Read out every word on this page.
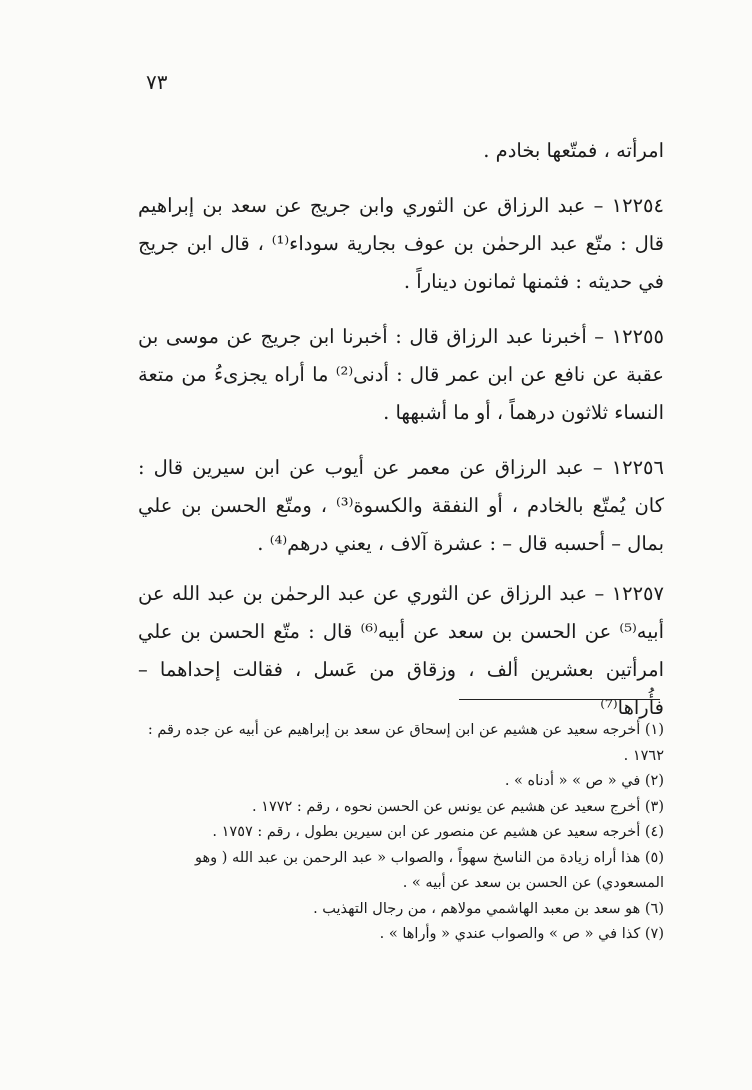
٧٣

امرأته ، فمتّعها بخادم .

١٢٢٥٤ – عبد الرزاق عن الثوري وابن جريج عن سعد بن إبراهيم قال : متّع عبد الرحمٰن بن عوف بجارية سوداء⁽¹⁾ ، قال ابن جريج في حديثه : فثمنها ثمانون ديناراً .

١٢٢٥٥ – أخبرنا عبد الرزاق قال : أخبرنا ابن جريج عن موسى بن عقبة عن نافع عن ابن عمر قال : أدنى⁽²⁾ ما أراه يجزىءُ من متعة النساء ثلاثون درهماً ، أو ما أشبهها .

١٢٢٥٦ – عبد الرزاق عن معمر عن أيوب عن ابن سيرين قال : كان يُمتّع بالخادم ، أو النفقة والكسوة⁽³⁾ ، ومتّع الحسن بن علي بمال – أحسبه قال – : عشرة آلاف ، يعني درهم⁽⁴⁾ .

١٢٢٥٧ – عبد الرزاق عن الثوري عن عبد الرحمٰن بن عبد الله عن أبيه⁽⁵⁾ عن الحسن بن سعد عن أبيه⁽⁶⁾ قال : متّع الحسن بن علي امرأتين بعشرين ألف ، وزقاق من عَسل ، فقالت إحداهما – فأُراها⁽⁷⁾

(١) أخرجه سعيد عن هشيم عن ابن إسحاق عن سعد بن إبراهيم عن أبيه عن جده رقم : ١٧٦٢ .

(٢) في « ص » « أدناه » .

(٣) أخرج سعيد عن هشيم عن يونس عن الحسن نحوه ، رقم : ١٧٧٢ .

(٤) أخرجه سعيد عن هشيم عن منصور عن ابن سيرين بطول ، رقم : ١٧٥٧ .

(٥) هذا أراه زيادة من الناسخ سهواً ، والصواب « عبد الرحمن بن عبد الله ( وهو المسعودي) عن الحسن بن سعد عن أبيه » .

(٦) هو سعد بن معبد الهاشمي مولاهم ، من رجال التهذيب .

(٧) كذا في « ص » والصواب عندي « وأراها » .
